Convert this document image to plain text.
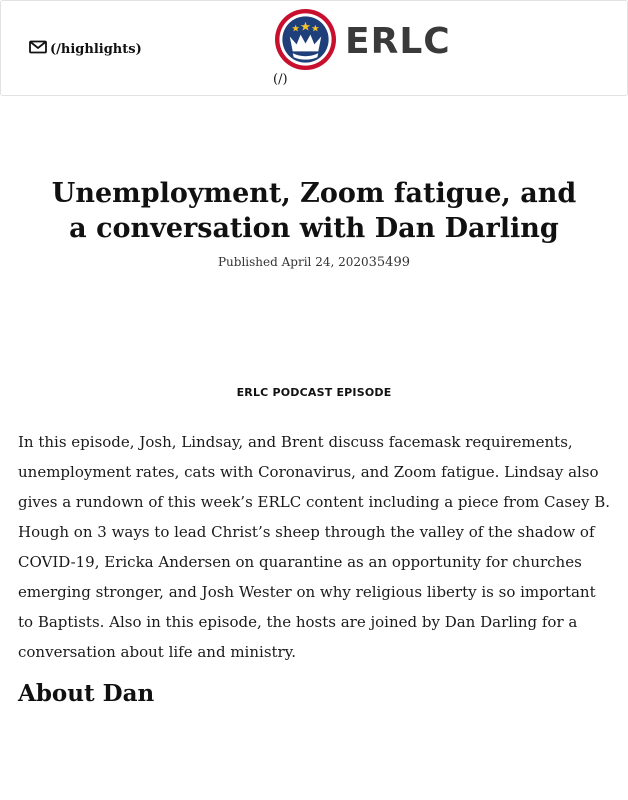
(/highlights)	ERLC
(/)
Unemployment, Zoom fatigue, and a conversation with Dan Darling
Published April 24, 202035499
ERLC PODCAST EPISODE

In this episode, Josh, Lindsay, and Brent discuss facemask requirements, unemployment rates, cats with Coronavirus, and Zoom fatigue. Lindsay also gives a rundown of this week’s ERLC content including a piece from Casey B. Hough on 3 ways to lead Christ’s sheep through the valley of the shadow of COVID-19, Ericka Andersen on quarantine as an opportunity for churches emerging stronger, and Josh Wester on why religious liberty is so important to Baptists. Also in this episode, the hosts are joined by Dan Darling for a conversation about life and ministry.

About Dan
